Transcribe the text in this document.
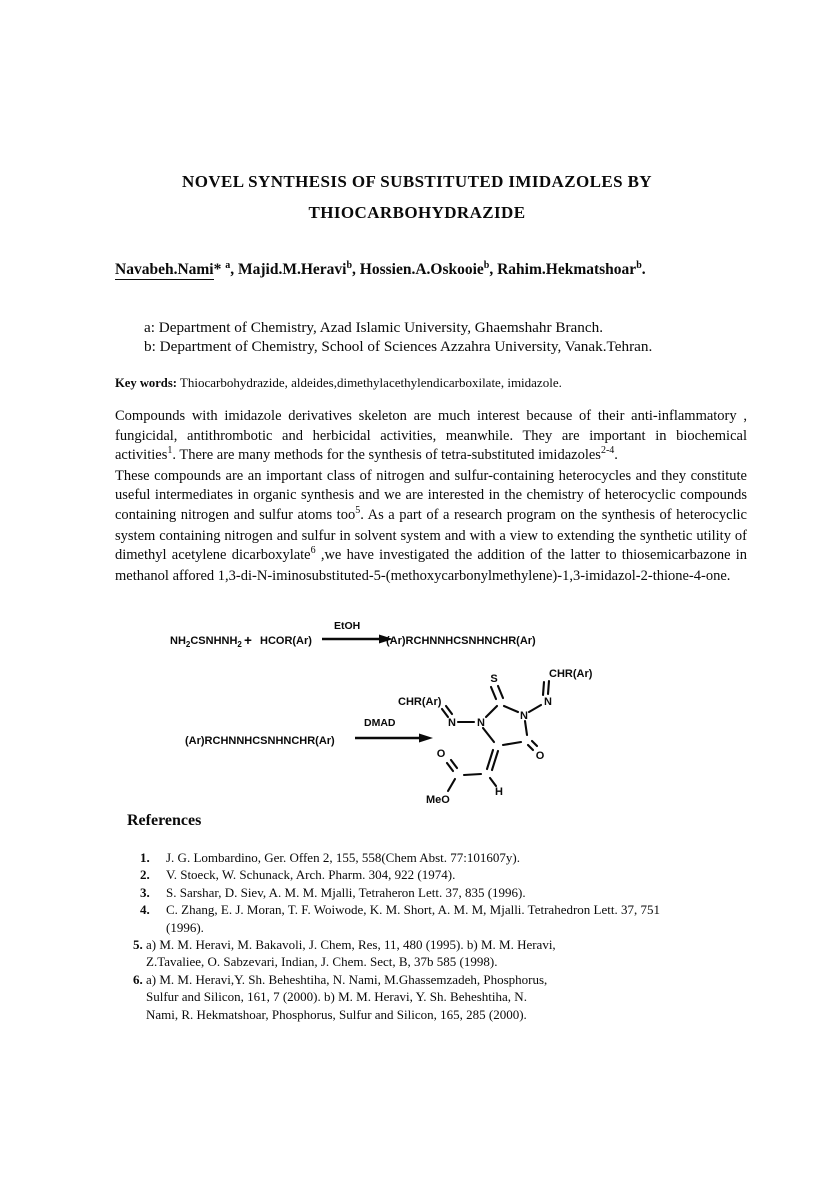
NOVEL SYNTHESIS OF SUBSTITUTED IMIDAZOLES BY
THIOCARBOHYDRAZIDE
Navabeh.Nami* $^a$, Majid.M.Heravi$^b$, Hossien.A.Oskooie$^b$, Rahim.Hekmatshoar$^b$.
a: Department of Chemistry, Azad Islamic University, Ghaemshahr Branch.
b: Department of Chemistry, School of Sciences Azzahra University, Vanak.Tehran.
Key words: Thiocarbohydrazide, aldeides,dimethylacethylendicarboxilate, imidazole.

Compounds with imidazole derivatives skeleton are much interest because of their anti-inflammatory , fungicidal, antithrombotic and herbicidal activities, meanwhile. They are important in biochemical activities$^1$. There are many methods for the synthesis of tetra-substituted imidazoles$^{2-4}$.

These compounds are an important class of nitrogen and sulfur-containing heterocycles and they constitute useful intermediates in organic synthesis and we are interested in the chemistry of heterocyclic compounds containing nitrogen and sulfur atoms too$^5$. As a part of a research program on the synthesis of heterocyclic system containing nitrogen and sulfur in solvent system and with a view to extending the synthetic utility of dimethyl acetylene dicarboxylate$^6$ ,we have investigated the addition of the latter to thiosemicarbazone in methanol affored 1,3-di-N-iminosubstituted-5-(methoxycarbonylmethylene)-1,3-imidazol-2-thione-4-one.

$NH_2CSNHNH_2$ + HCOR(Ar)
EtOH
(Ar)RCHNNHCSNHNCHR(Ar)
(Ar)RCHNNHCSNHNCHR(Ar)
DMAD
S
CHR(Ar)
N N
N
N
CHR(Ar)
O
O
MeO
H
References
1.	J. G. Lombardino, Ger. Offen 2, 155, 558(Chem Abst. 77:101607y).
2.	V. Stoeck, W. Schunack, Arch. Pharm. 304, 922 (1974).
3.	S. Sarshar, D. Siev, A. M. M. Mjalli, Tetraheron Lett. 37, 835 (1996).
4.	C. Zhang, E. J. Moran, T. F. Woiwode, K. M. Short, A. M. M, Mjalli. Tetrahedron Lett. 37, 751
(1996).
5. a) M. M. Heravi, M. Bakavoli, J. Chem, Res, 11, 480 (1995). b) M. M. Heravi,
Z.Tavaliee, O. Sabzevari, Indian, J. Chem. Sect, B, 37b 585 (1998).
6. a) M. M. Heravi,Y. Sh. Beheshtiha, N. Nami, M.Ghassemzadeh, Phosphorus,
Sulfur and Silicon, 161, 7 (2000). b) M. M. Heravi, Y. Sh. Beheshtiha, N.
Nami, R. Hekmatshoar, Phosphorus, Sulfur and Silicon, 165, 285 (2000).
